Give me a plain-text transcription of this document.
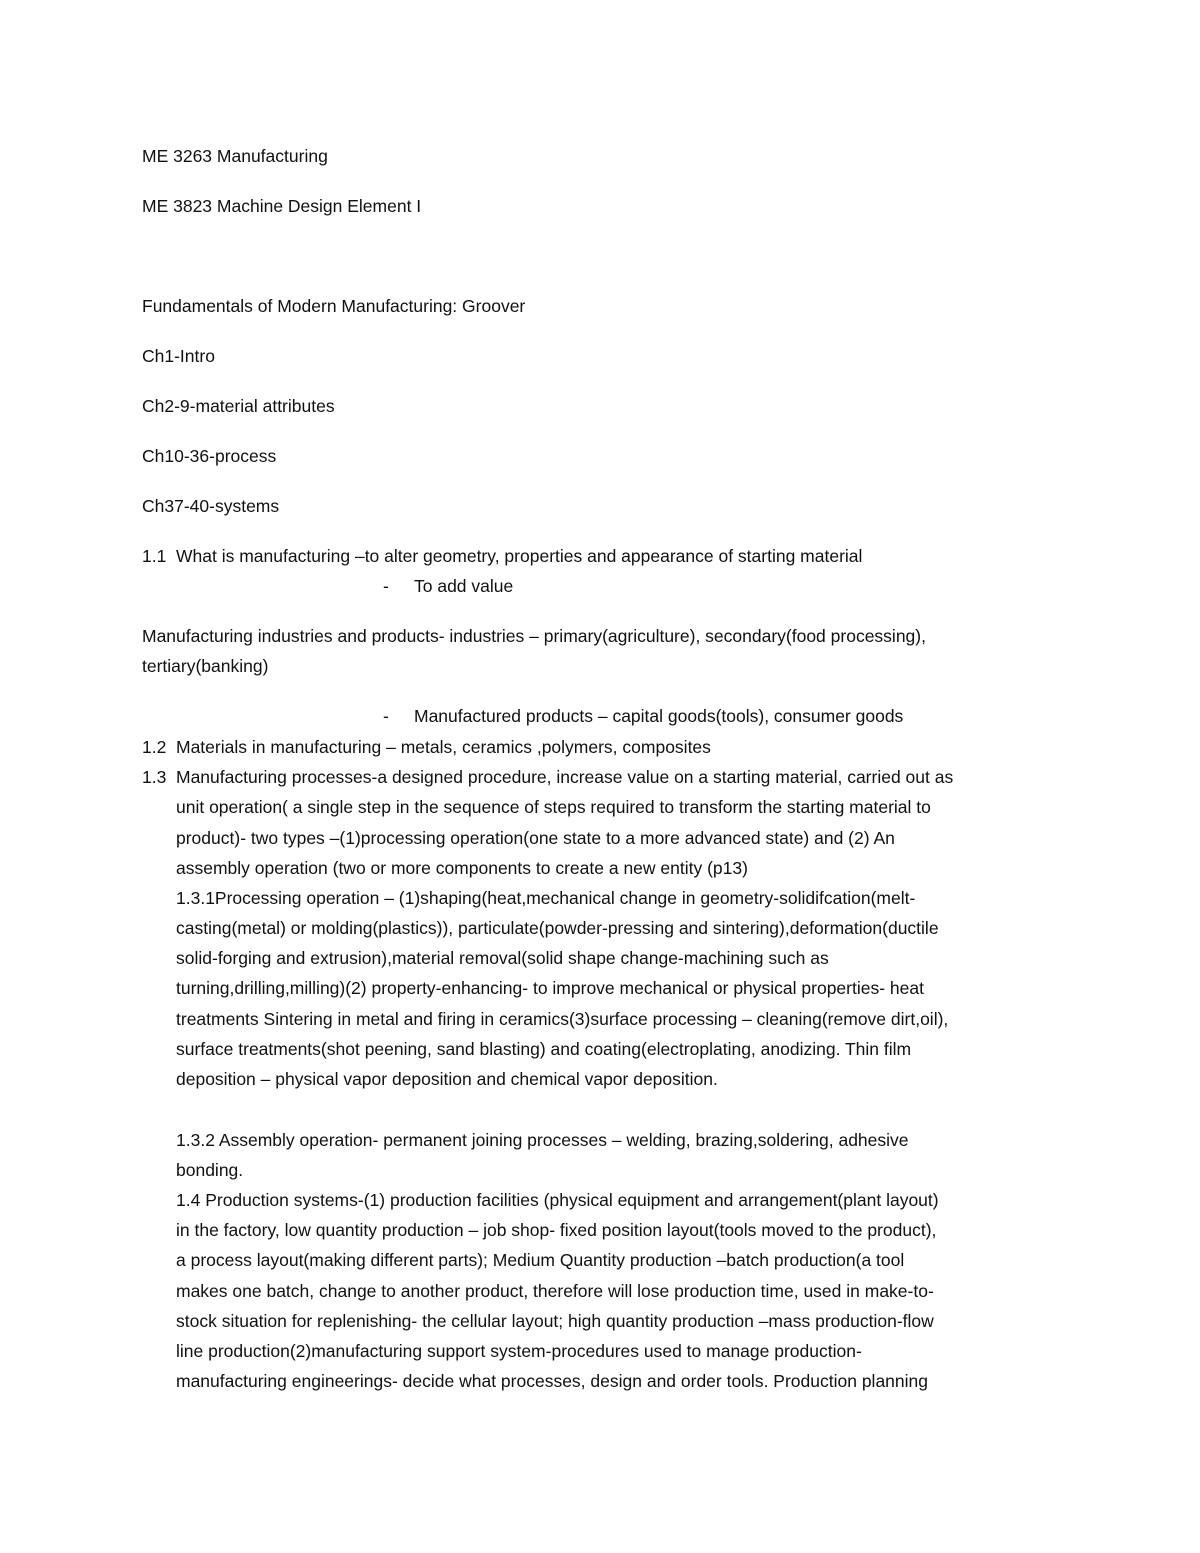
ME 3263 Manufacturing
ME 3823 Machine Design Element I
Fundamentals of Modern Manufacturing: Groover
Ch1-Intro
Ch2-9-material attributes
Ch10-36-process
Ch37-40-systems
1.1 What is manufacturing –to alter geometry, properties and appearance of starting material
- To add value
Manufacturing industries and products- industries – primary(agriculture), secondary(food processing),
tertiary(banking)
- Manufactured products – capital goods(tools), consumer goods
1.2 Materials in manufacturing – metals, ceramics ,polymers, composites
1.3 Manufacturing processes-a designed procedure, increase value on a starting material, carried out as
unit operation( a single step in the sequence of steps required to transform the starting material to
product)- two types –(1)processing operation(one state to a more advanced state) and (2) An
assembly operation (two or more components to create a new entity (p13)
1.3.1Processing operation – (1)shaping(heat,mechanical change in geometry-solidifcation(melt-
casting(metal) or molding(plastics)), particulate(powder-pressing and sintering),deformation(ductile
solid-forging and extrusion),material removal(solid shape change-machining such as
turning,drilling,milling)(2) property-enhancing- to improve mechanical or physical properties- heat
treatments Sintering in metal and firing in ceramics(3)surface processing – cleaning(remove dirt,oil),
surface treatments(shot peening, sand blasting) and coating(electroplating, anodizing. Thin film
deposition – physical vapor deposition and chemical vapor deposition.
1.3.2 Assembly operation- permanent joining processes – welding, brazing,soldering, adhesive
bonding.
1.4 Production systems-(1) production facilities (physical equipment and arrangement(plant layout)
in the factory, low quantity production – job shop- fixed position layout(tools moved to the product),
a process layout(making different parts); Medium Quantity production –batch production(a tool
makes one batch, change to another product, therefore will lose production time, used in make-to-
stock situation for replenishing- the cellular layout; high quantity production –mass production-flow
line production(2)manufacturing support system-procedures used to manage production-
manufacturing engineerings- decide what processes, design and order tools. Production planning
